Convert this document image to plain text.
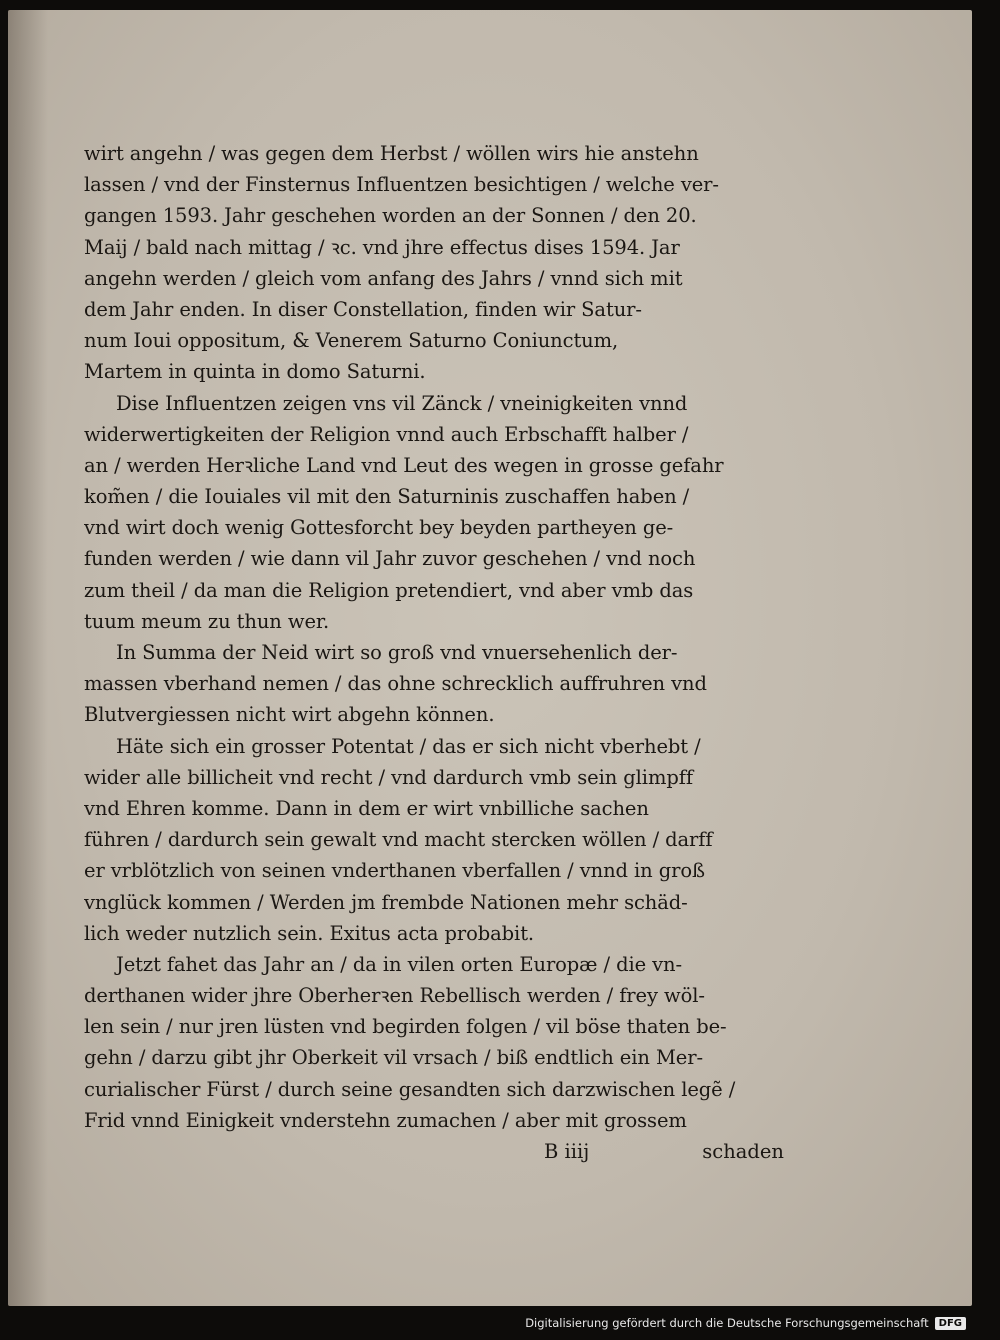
wirt angehn / was gegen dem Herbst / wöllen wirs hie anstehn
lassen / vnd der Finsternus Influentzen besichtigen / welche ver-
gangen 1593. Jahr geschehen worden an der Sonnen / den 20.
Maij / bald nach mittag / ꝛc. vnd jhre effectus dises 1594. Jar
angehn werden / gleich vom anfang des Jahrs / vnnd sich mit
dem Jahr enden. In diser Constellation, finden wir Satur-
num Ioui oppositum, & Venerem Saturno Coniunctum,
Martem in quinta in domo Saturni.
Dise Influentzen zeigen vns vil Zänck / vneinigkeiten vnnd
widerwertigkeiten der Religion vnnd auch Erbschafft halber /
an / werden Herꝛliche Land vnd Leut des wegen in grosse gefahr
kom̃en / die Iouiales vil mit den Saturninis zuschaffen haben /
vnd wirt doch wenig Gottesforcht bey beyden partheyen ge-
funden werden / wie dann vil Jahr zuvor geschehen / vnd noch
zum theil / da man die Religion pretendiert, vnd aber vmb das
tuum meum zu thun wer.
In Summa der Neid wirt so groß vnd vnuersehenlich der-
massen vberhand nemen / das ohne schrecklich auffruhren vnd
Blutvergiessen nicht wirt abgehn können.
Häte sich ein grosser Potentat / das er sich nicht vberhebt /
wider alle billicheit vnd recht / vnd dardurch vmb sein glimpff
vnd Ehren komme. Dann in dem er wirt vnbilliche sachen
führen / dardurch sein gewalt vnd macht stercken wöllen / darff
er vrblötzlich von seinen vnderthanen vberfallen / vnnd in groß
vnglück kommen / Werden jm frembde Nationen mehr schäd-
lich weder nutzlich sein. Exitus acta probabit.
Jetzt fahet das Jahr an / da in vilen orten Europæ / die vn-
derthanen wider jhre Oberherꝛen Rebellisch werden / frey wöl-
len sein / nur jren lüsten vnd begirden folgen / vil böse thaten be-
gehn / darzu gibt jhr Oberkeit vil vrsach / biß endtlich ein Mer-
curialischer Fürst / durch seine gesandten sich darzwischen legẽ /
Frid vnnd Einigkeit vnderstehn zumachen / aber mit grossem
B iiij	schaden
Digitalisierung gefördert durch die Deutsche Forschungsgemeinschaft	DFG
